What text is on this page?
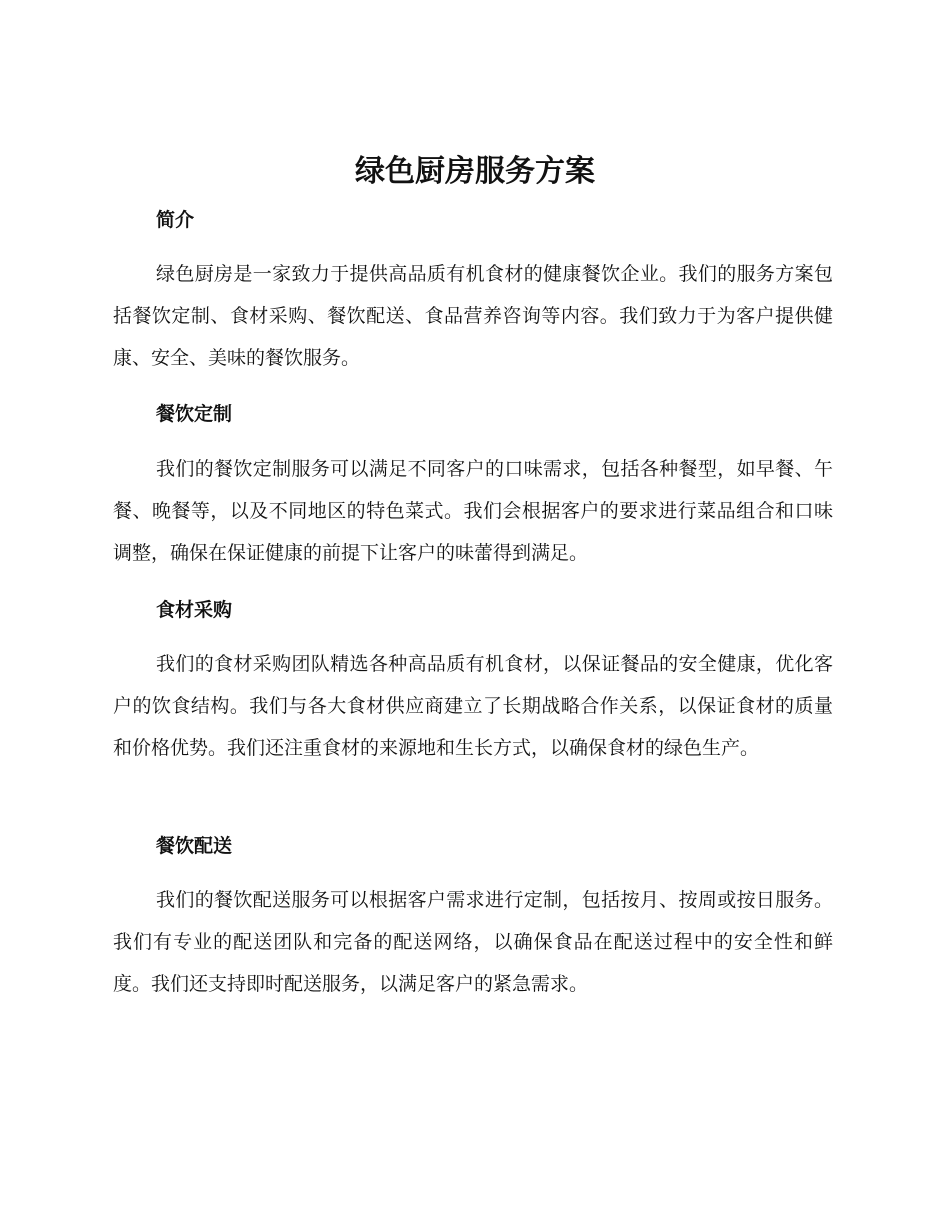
绿色厨房服务方案
简介

绿色厨房是一家致力于提供高品质有机食材的健康餐饮企业。我们的服务方案包括餐饮定制、食材采购、餐饮配送、食品营养咨询等内容。我们致力于为客户提供健康、安全、美味的餐饮服务。

餐饮定制

我们的餐饮定制服务可以满足不同客户的口味需求，包括各种餐型，如早餐、午餐、晚餐等，以及不同地区的特色菜式。我们会根据客户的要求进行菜品组合和口味调整，确保在保证健康的前提下让客户的味蕾得到满足。

食材采购

我们的食材采购团队精选各种高品质有机食材，以保证餐品的安全健康，优化客户的饮食结构。我们与各大食材供应商建立了长期战略合作关系，以保证食材的质量和价格优势。我们还注重食材的来源地和生长方式，以确保食材的绿色生产。

餐饮配送

我们的餐饮配送服务可以根据客户需求进行定制，包括按月、按周或按日服务。我们有专业的配送团队和完备的配送网络，以确保食品在配送过程中的安全性和鲜度。我们还支持即时配送服务，以满足客户的紧急需求。
